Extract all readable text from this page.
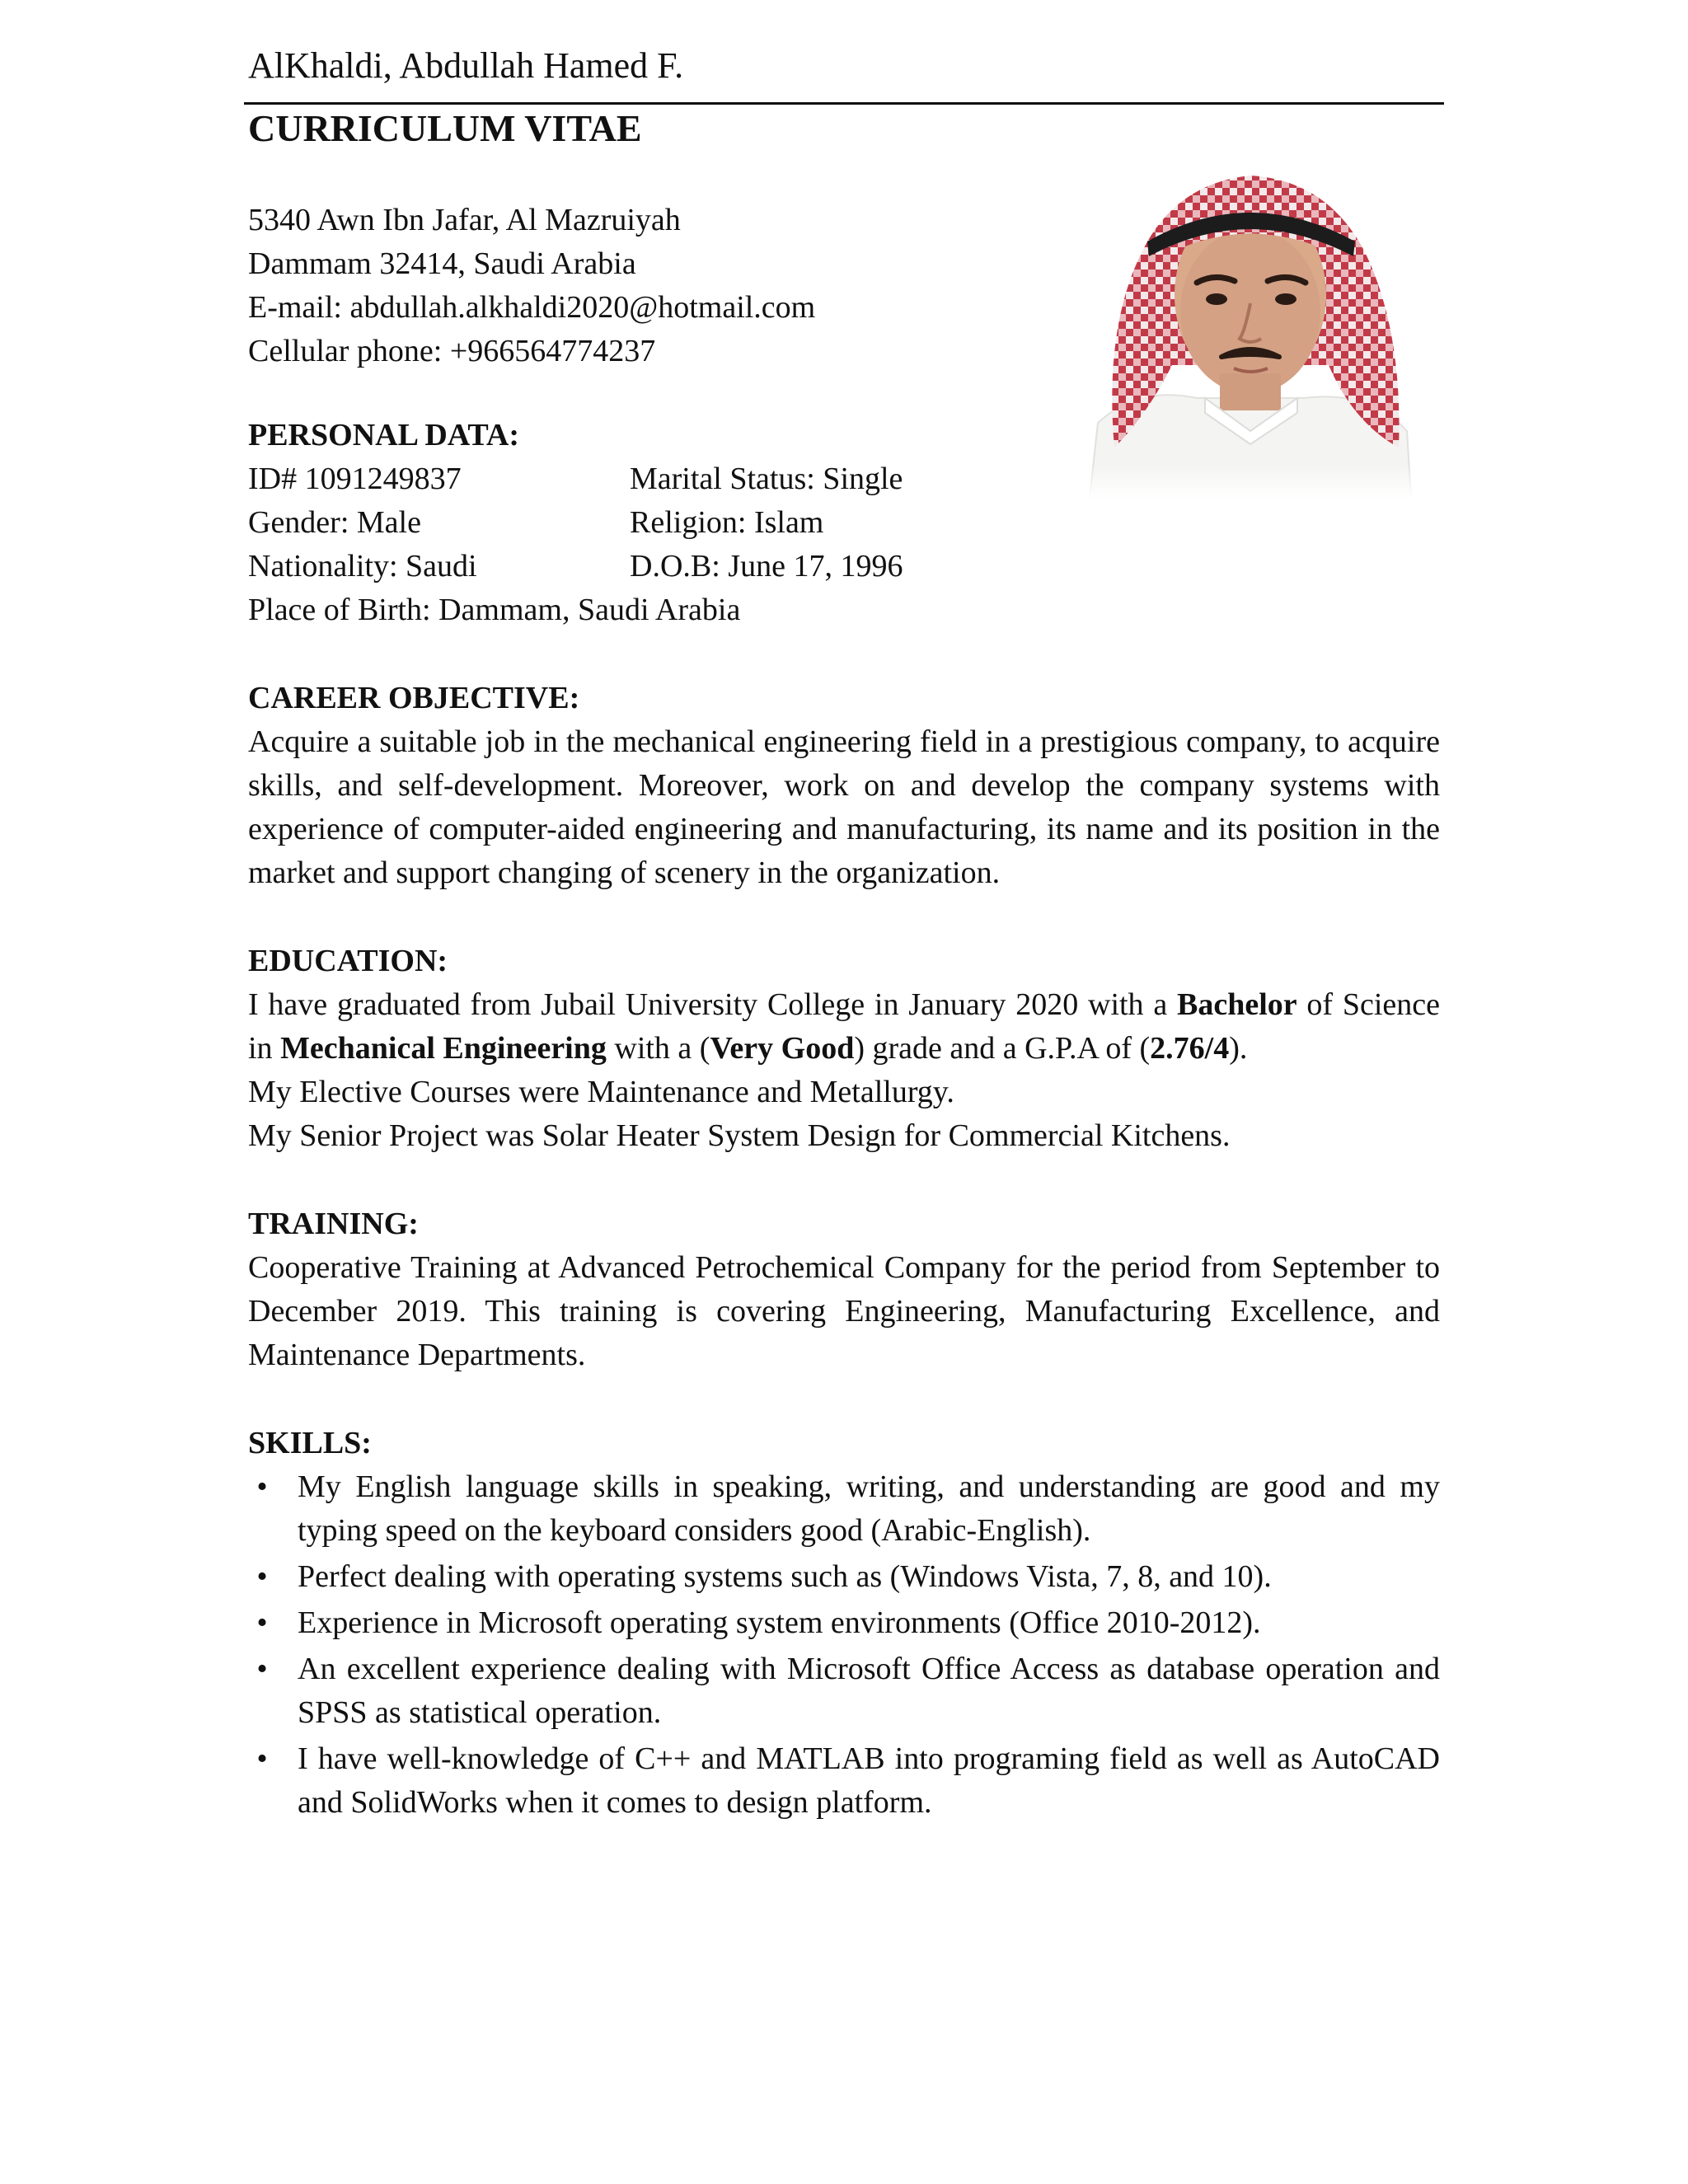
AlKhaldi, Abdullah Hamed F.
CURRICULUM VITAE
5340 Awn Ibn Jafar, Al Mazruiyah
Dammam 32414, Saudi Arabia
E-mail: abdullah.alkhaldi2020@hotmail.com
Cellular phone: +966564774237
PERSONAL DATA:
ID# 1091249837	Marital Status: Single
Gender: Male	Religion: Islam
Nationality: Saudi	D.O.B: June 17, 1996
Place of Birth: Dammam, Saudi Arabia
CAREER OBJECTIVE:
Acquire a suitable job in the mechanical engineering field in a prestigious company, to acquire skills, and self-development. Moreover, work on and develop the company systems with experience of computer-aided engineering and manufacturing, its name and its position in the market and support changing of scenery in the organization.
EDUCATION:
I have graduated from Jubail University College in January 2020 with a Bachelor of Science in Mechanical Engineering with a (Very Good) grade and a G.P.A of (2.76/4).
My Elective Courses were Maintenance and Metallurgy.
My Senior Project was Solar Heater System Design for Commercial Kitchens.
TRAINING:
Cooperative Training at Advanced Petrochemical Company for the period from September to December 2019. This training is covering Engineering, Manufacturing Excellence, and Maintenance Departments.
SKILLS:
• My English language skills in speaking, writing, and understanding are good and my typing speed on the keyboard considers good (Arabic-English).
• Perfect dealing with operating systems such as (Windows Vista, 7, 8, and 10).
• Experience in Microsoft operating system environments (Office 2010-2012).
• An excellent experience dealing with Microsoft Office Access as database operation and SPSS as statistical operation.
• I have well-knowledge of C++ and MATLAB into programing field as well as AutoCAD and SolidWorks when it comes to design platform.
